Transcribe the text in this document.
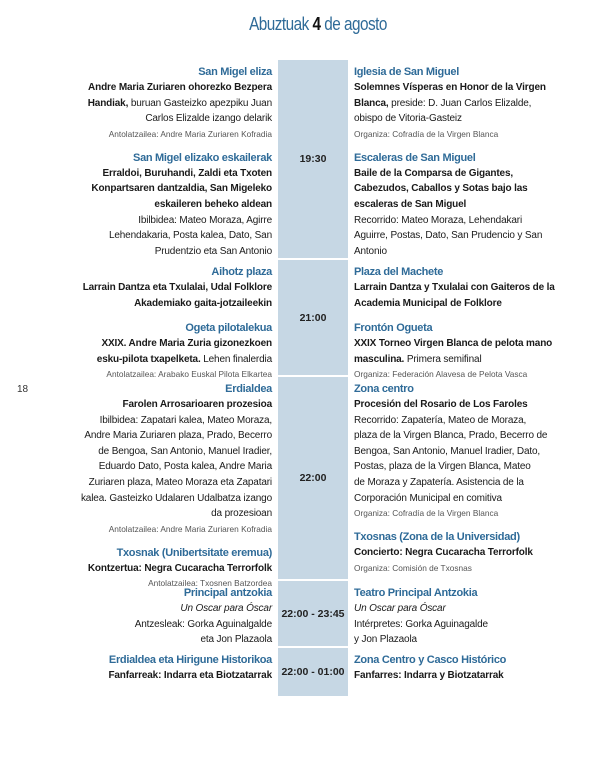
Abuztuak 4 de agosto
18
San Migel eliza
Andre Maria Zuriaren ohorezko Bezpera
Handiak, buruan Gasteizko apezpiku Juan
Carlos Elizalde izango delarik
Antolatzailea: Andre Maria Zuriaren Kofradia
San Migel elizako eskailerak
Erraldoi, Buruhandi, Zaldi eta Txoten
Konpartsaren dantzaldia, San Migeleko
eskaileren beheko aldean
Ibilbidea: Mateo Moraza, Agirre
Lehendakaria, Posta kalea, Dato, San
Prudentzio eta San Antonio
19:30
Iglesia de San Miguel
Solemnes Vísperas en Honor de la Virgen
Blanca, preside: D. Juan Carlos Elizalde,
obispo de Vitoria-Gasteiz
Organiza: Cofradía de la Virgen Blanca
Escaleras de San Miguel
Baile de la Comparsa de Gigantes,
Cabezudos, Caballos y Sotas bajo las
escaleras de San Miguel
Recorrido: Mateo Moraza, Lehendakari
Aguirre, Postas, Dato, San Prudencio y San
Antonio
Aihotz plaza
Larrain Dantza eta Txulalai, Udal Folklore
Akademiako gaita-jotzaileekin
Ogeta pilotalekua
XXIX. Andre Maria Zuria gizonezkoen
esku-pilota txapelketa. Lehen finalerdia
Antolatzailea: Arabako Euskal Pilota Elkartea
21:00
Plaza del Machete
Larrain Dantza y Txulalai con Gaiteros de la
Academia Municipal de Folklore
Frontón Ogueta
XXIX Torneo Virgen Blanca de pelota mano
masculina. Primera semifinal
Organiza: Federación Alavesa de Pelota Vasca
Erdialdea
Farolen Arrosarioaren prozesioa
Ibilbidea: Zapatari kalea, Mateo Moraza,
Andre Maria Zuriaren plaza, Prado, Becerro
de Bengoa, San Antonio, Manuel Iradier,
Eduardo Dato, Posta kalea, Andre Maria
Zuriaren plaza, Mateo Moraza eta Zapatari
kalea. Gasteizko Udalaren Udalbatza izango
da prozesioan
Antolatzailea: Andre Maria Zuriaren Kofradia
Txosnak (Unibertsitate eremua)
Kontzertua: Negra Cucaracha Terrorfolk
Antolatzailea: Txosnen Batzordea
22:00
Zona centro
Procesión del Rosario de Los Faroles
Recorrido: Zapatería, Mateo de Moraza,
plaza de la Virgen Blanca, Prado, Becerro de
Bengoa, San Antonio, Manuel Iradier, Dato,
Postas, plaza de la Virgen Blanca, Mateo
de Moraza y Zapatería. Asistencia de la
Corporación Municipal en comitiva
Organiza: Cofradía de la Virgen Blanca
Txosnas (Zona de la Universidad)
Concierto: Negra Cucaracha Terrorfolk
Organiza: Comisión de Txosnas
Principal antzokia
Un Oscar para Óscar
Antzesleak: Gorka Aguinalgalde
eta Jon Plazaola
22:00 - 23:45
Teatro Principal Antzokia
Un Oscar para Óscar
Intérpretes: Gorka Aguinagalde
y Jon Plazaola
Erdialdea eta Hirigune Historikoa
Fanfarreak: Indarra eta Biotzatarrak 22:00 - 01:00
Zona Centro y Casco Histórico
Fanfarres: Indarra y Biotzatarrak
